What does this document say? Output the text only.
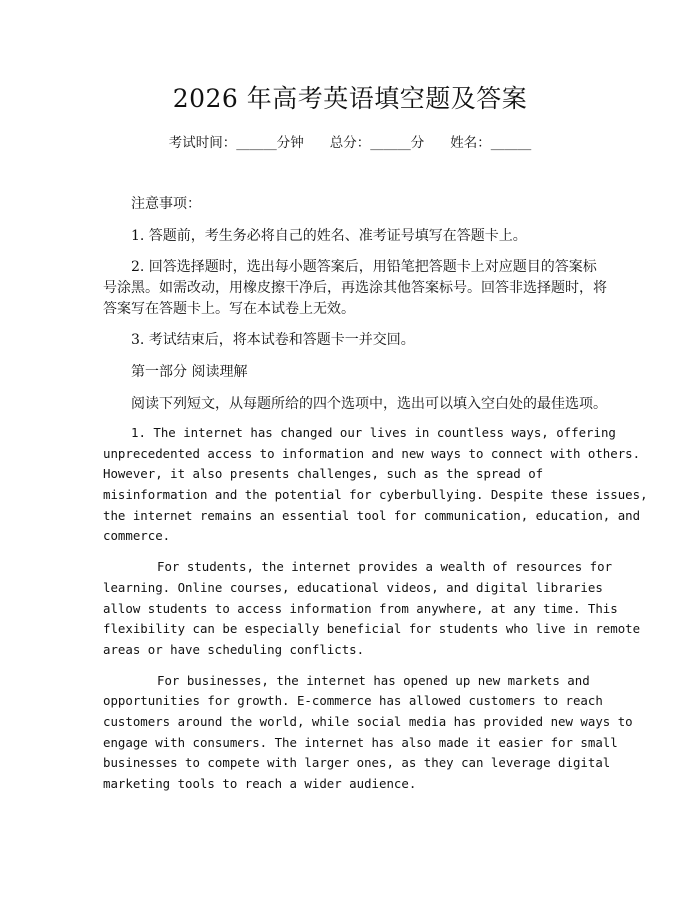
2026 年高考英语填空题及答案
考试时间：______分钟 总分：______分 姓名：______
注意事项：
1. 答题前，考生务必将自己的姓名、准考证号填写在答题卡上。
2. 回答选择题时，选出每小题答案后，用铅笔把答题卡上对应题目的答案标
号涂黑。如需改动，用橡皮擦干净后，再选涂其他答案标号。回答非选择题时，将
答案写在答题卡上。写在本试卷上无效。
3. 考试结束后，将本试卷和答题卡一并交回。
第一部分 阅读理解
阅读下列短文，从每题所给的四个选项中，选出可以填入空白处的最佳选项。
1. The internet has changed our lives in countless ways, offering
unprecedented access to information and new ways to connect with others.
However, it also presents challenges, such as the spread of
misinformation and the potential for cyberbullying. Despite these issues,
the internet remains an essential tool for communication, education, and
commerce.
For students, the internet provides a wealth of resources for
learning. Online courses, educational videos, and digital libraries
allow students to access information from anywhere, at any time. This
flexibility can be especially beneficial for students who live in remote
areas or have scheduling conflicts.
For businesses, the internet has opened up new markets and
opportunities for growth. E-commerce has allowed customers to reach
customers around the world, while social media has provided new ways to
engage with consumers. The internet has also made it easier for small
businesses to compete with larger ones, as they can leverage digital
marketing tools to reach a wider audience.
